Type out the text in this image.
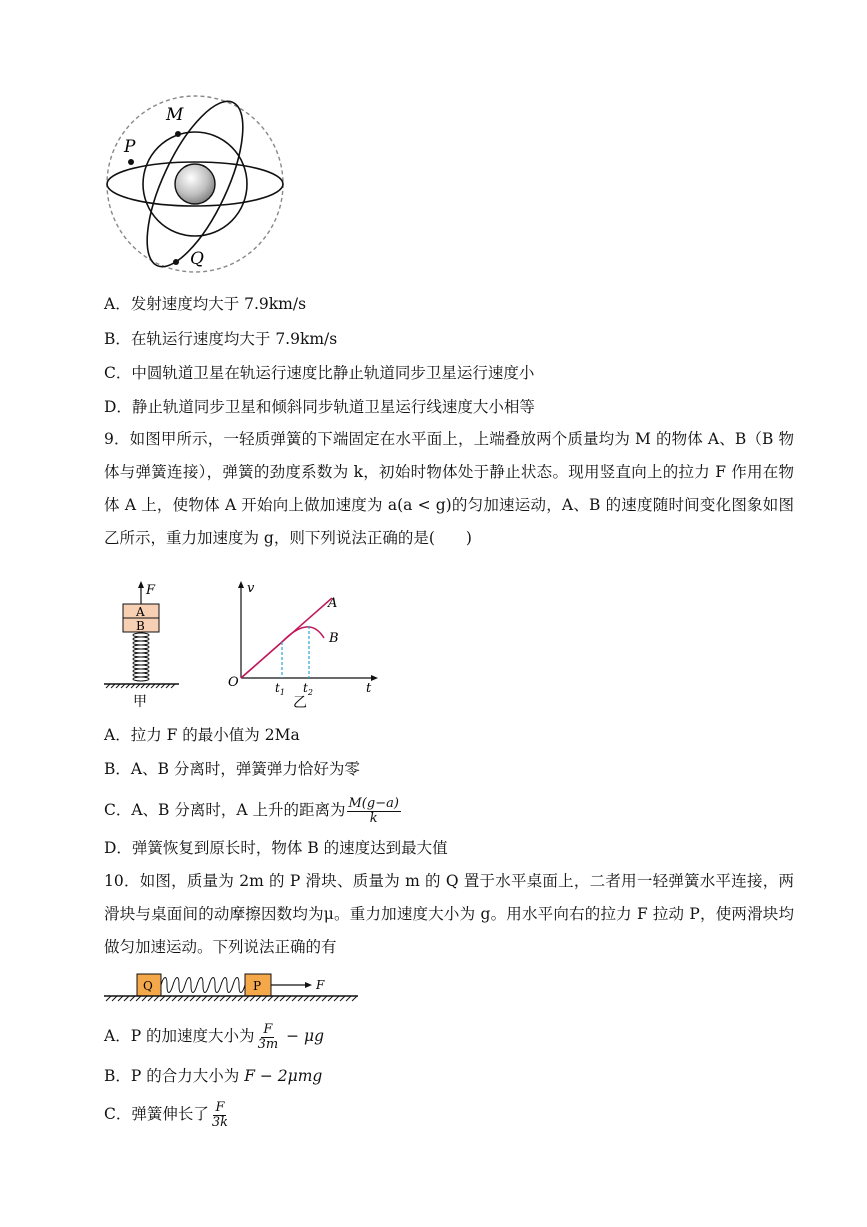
M
P
Q
A．发射速度均大于 7.9km/s
B．在轨运行速度均大于 7.9km/s
C．中圆轨道卫星在轨运行速度比静止轨道同步卫星运行速度小
D．静止轨道同步卫星和倾斜同步轨道卫星运行线速度大小相等
9．如图甲所示，一轻质弹簧的下端固定在水平面上，上端叠放两个质量均为 M 的物体 A、B（B 物体与弹簧连接），弹簧的劲度系数为 k，初始时物体处于静止状态。现用竖直向上的拉力 F 作用在物体 A 上，使物体 A 开始向上做加速度为 a(a < g)的匀加速运动，A、B 的速度随时间变化图象如图乙所示，重力加速度为 g，则下列说法正确的是(　　)
F
A
B
甲
v
t
O	$t_1$ $t_2$
A
B
乙
A．拉力 F 的最小值为 2Ma
B．A、B 分离时，弹簧弹力恰好为零
C．A、B 分离时，A 上升的距离为 $\frac{M(g-a)}{k}$
D．弹簧恢复到原长时，物体 B 的速度达到最大值
10．如图，质量为 2m 的 P 滑块、质量为 m 的 Q 置于水平桌面上，二者用一轻弹簧水平连接，两滑块与桌面间的动摩擦因数均为μ。重力加速度大小为 g。用水平向右的拉力 F 拉动 P，使两滑块均做匀加速运动。下列说法正确的有
Q	P	F
A．P 的加速度大小为 $\frac{F}{3m} - \mu g$
B．P 的合力大小为 F − 2μmg
C．弹簧伸长了 $\frac{F}{3k}$
